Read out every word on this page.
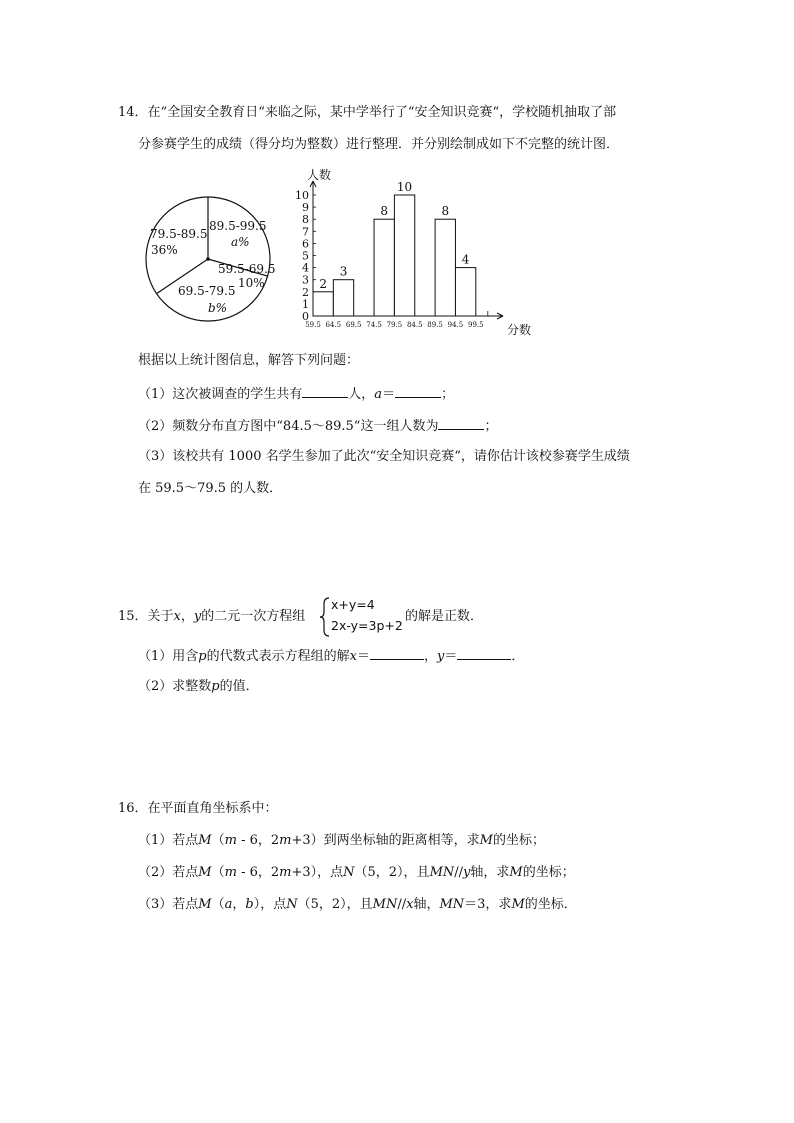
14．在“全国安全教育日“来临之际，某中学举行了“安全知识竞赛“，学校随机抽取了部
分参赛学生的成绩（得分均为整数）进行整理．并分别绘制成如下不完整的统计图．
89.5-99.5
a%
59.5-69.5
10%
69.5-79.5
b%
79.5-89.5
36%
人数
分数
0
1
2
3
4
5
6
7
8
9
10
59.5 64.5 69.5 74.5 79.5 84.5 89.5 94.5 99.5
2
3
8
10
8
4
根据以上统计图信息，解答下列问题：
（1）这次被调查的学生共有	人，a＝	；
（2）频数分布直方图中“84.5～89.5“这一组人数为	；
（3）该校共有 1000 名学生参加了此次“安全知识竞赛“，请你估计该校参赛学生成绩
在 59.5～79.5 的人数．
15．关于x，y的二元一次方程组
x+y=4
2x-y=3p+2
的解是正数．
（1）用含p的代数式表示方程组的解x＝	，y＝	．
（2）求整数p的值．
16．在平面直角坐标系中：
（1）若点M（m - 6，2m+3）到两坐标轴的距离相等，求M的坐标；
（2）若点M（m - 6，2m+3），点N（5，2），且MN//y轴，求M的坐标；
（3）若点M（a，b），点N（5，2），且MN//x轴，MN＝3，求M的坐标．
